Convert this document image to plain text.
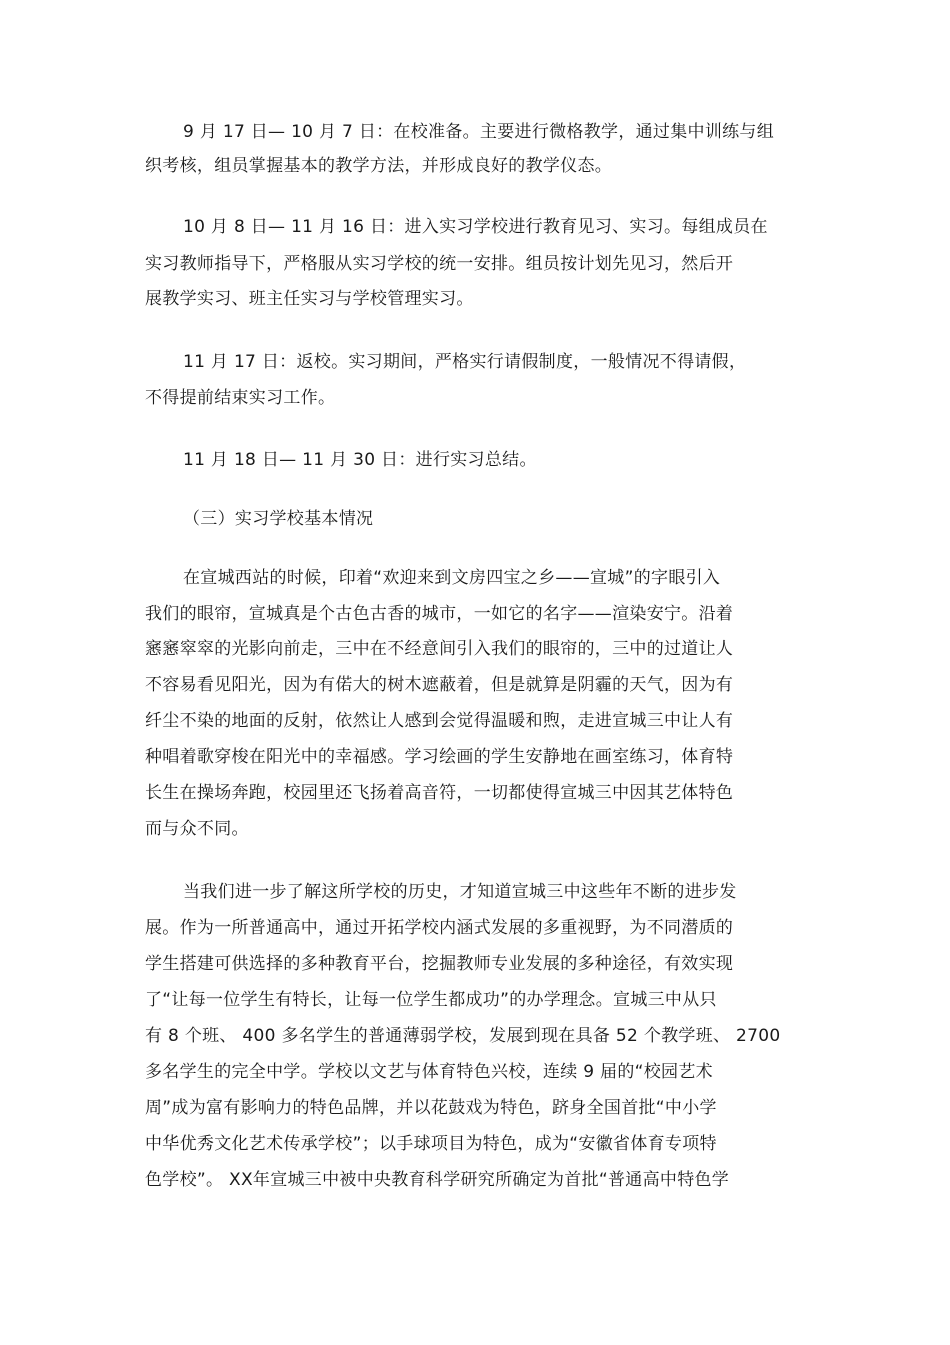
9 月 17 日— 10 月 7 日：在校准备。主要进行微格教学，通过集中训练与组
织考核，组员掌握基本的教学方法，并形成良好的教学仪态。
10 月 8 日— 11 月 16 日：进入实习学校进行教育见习、实习。每组成员在
实习教师指导下，严格服从实习学校的统一安排。组员按计划先见习，然后开
展教学实习、班主任实习与学校管理实习。
11 月 17 日：返校。实习期间，严格实行请假制度，一般情况不得请假，
不得提前结束实习工作。
11 月 18 日— 11 月 30 日：进行实习总结。
（三）实习学校基本情况
在宣城西站的时候，印着“欢迎来到文房四宝之乡——宣城”的字眼引入
我们的眼帘，宣城真是个古色古香的城市，一如它的名字——渲染安宁。沿着
窸窸窣窣的光影向前走，三中在不经意间引入我们的眼帘的，三中的过道让人
不容易看见阳光，因为有偌大的树木遮蔽着，但是就算是阴霾的天气，因为有
纤尘不染的地面的反射，依然让人感到会觉得温暖和煦，走进宣城三中让人有
种唱着歌穿梭在阳光中的幸福感。学习绘画的学生安静地在画室练习，体育特
长生在操场奔跑，校园里还飞扬着高音符，一切都使得宣城三中因其艺体特色
而与众不同。
当我们进一步了解这所学校的历史，才知道宣城三中这些年不断的进步发
展。作为一所普通高中，通过开拓学校内涵式发展的多重视野，为不同潜质的
学生搭建可供选择的多种教育平台，挖掘教师专业发展的多种途径，有效实现
了“让每一位学生有特长，让每一位学生都成功”的办学理念。宣城三中从只
有 8 个班、 400 多名学生的普通薄弱学校，发展到现在具备 52 个教学班、 2700
多名学生的完全中学。学校以文艺与体育特色兴校，连续 9 届的“校园艺术
周”成为富有影响力的特色品牌，并以花鼓戏为特色，跻身全国首批“中小学
中华优秀文化艺术传承学校”；以手球项目为特色，成为“安徽省体育专项特
色学校”。 XX年宣城三中被中央教育科学研究所确定为首批“普通高中特色学
